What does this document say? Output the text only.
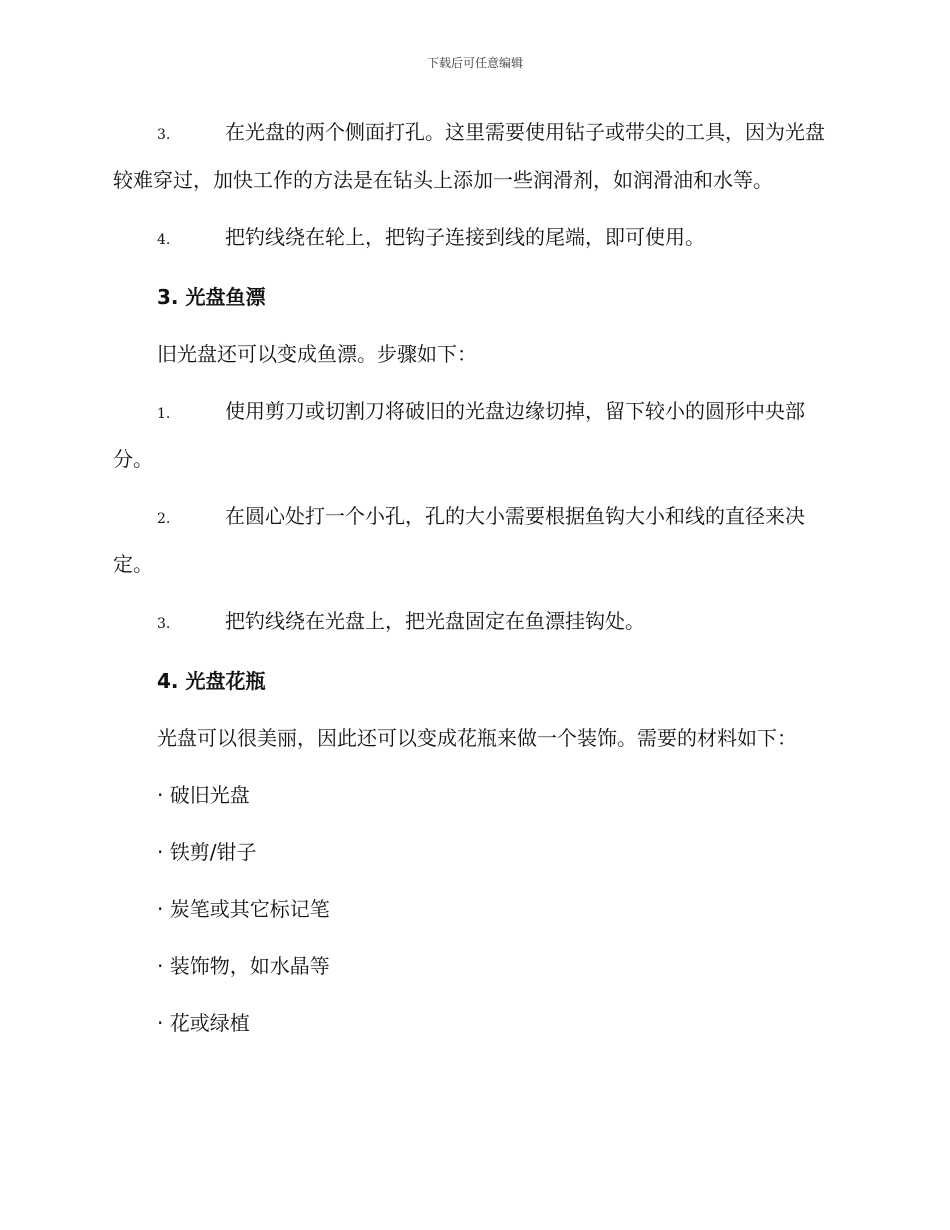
下载后可任意编辑
3.	在光盘的两个侧面打孔。这里需要使用钻子或带尖的工具，因为光盘较难穿过，加快工作的方法是在钻头上添加一些润滑剂，如润滑油和水等。
4.	把钓线绕在轮上，把钩子连接到线的尾端，即可使用。
3. 光盘鱼漂
旧光盘还可以变成鱼漂。步骤如下：
1.	使用剪刀或切割刀将破旧的光盘边缘切掉，留下较小的圆形中央部分。
2.	在圆心处打一个小孔，孔的大小需要根据鱼钩大小和线的直径来决定。
3.	把钓线绕在光盘上，把光盘固定在鱼漂挂钩处。
4. 光盘花瓶
光盘可以很美丽，因此还可以变成花瓶来做一个装饰。需要的材料如下：
· 破旧光盘
· 铁剪/钳子
· 炭笔或其它标记笔
· 装饰物，如水晶等
· 花或绿植
